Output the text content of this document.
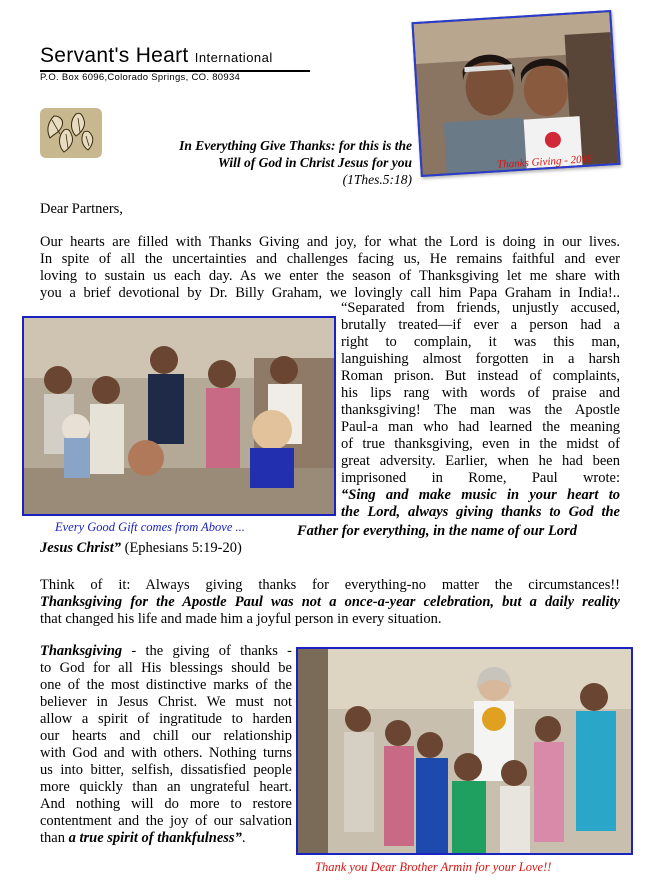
Servant's Heart International
P.O. Box 6096,Colorado Springs, CO. 80934
In Everything Give Thanks: for this is the
Will of God in Christ Jesus for you (1Thes.5:18)
Thanks Giving - 2018
Dear Partners,
Our hearts are filled with Thanks Giving and joy, for what the Lord is doing in our lives.
In spite of all the uncertainties and challenges facing us, He remains faithful and ever
loving to sustain us each day. As we enter the season of Thanksgiving let me share with
you a brief devotional by Dr. Billy Graham, we lovingly call him Papa Graham in India!..
“Separated from friends, unjustly accused,
brutally treated—if ever a person had a
right to complain, it was this man,
languishing almost forgotten in a harsh
Roman prison. But instead of complaints,
his lips rang with words of praise and
thanksgiving! The man was the Apostle
Paul-a man who had learned the meaning
of true thanksgiving, even in the midst of
great adversity. Earlier, when he had been
imprisoned in Rome, Paul wrote:
“Sing and make music in your heart to
the Lord, always giving thanks to God the
Every Good Gift comes from Above ...	Father for everything, in the name of our Lord
Jesus Christ” (Ephesians 5:19-20)
Think of it: Always giving thanks for everything-no matter the circumstances!!
Thanksgiving for the Apostle Paul was not a once-a-year celebration, but a daily reality
that changed his life and made him a joyful person in every situation.
Thanksgiving - the giving of thanks -
to God for all His blessings should be
one of the most distinctive marks of the
believer in Jesus Christ. We must not
allow a spirit of ingratitude to harden
our hearts and chill our relationship
with God and with others. Nothing turns
us into bitter, selfish, dissatisfied people
more quickly than an ungrateful heart.
And nothing will do more to restore
contentment and the joy of our salvation
than a true spirit of thankfulness”.
Thank you Dear Brother Armin for your Love!!
